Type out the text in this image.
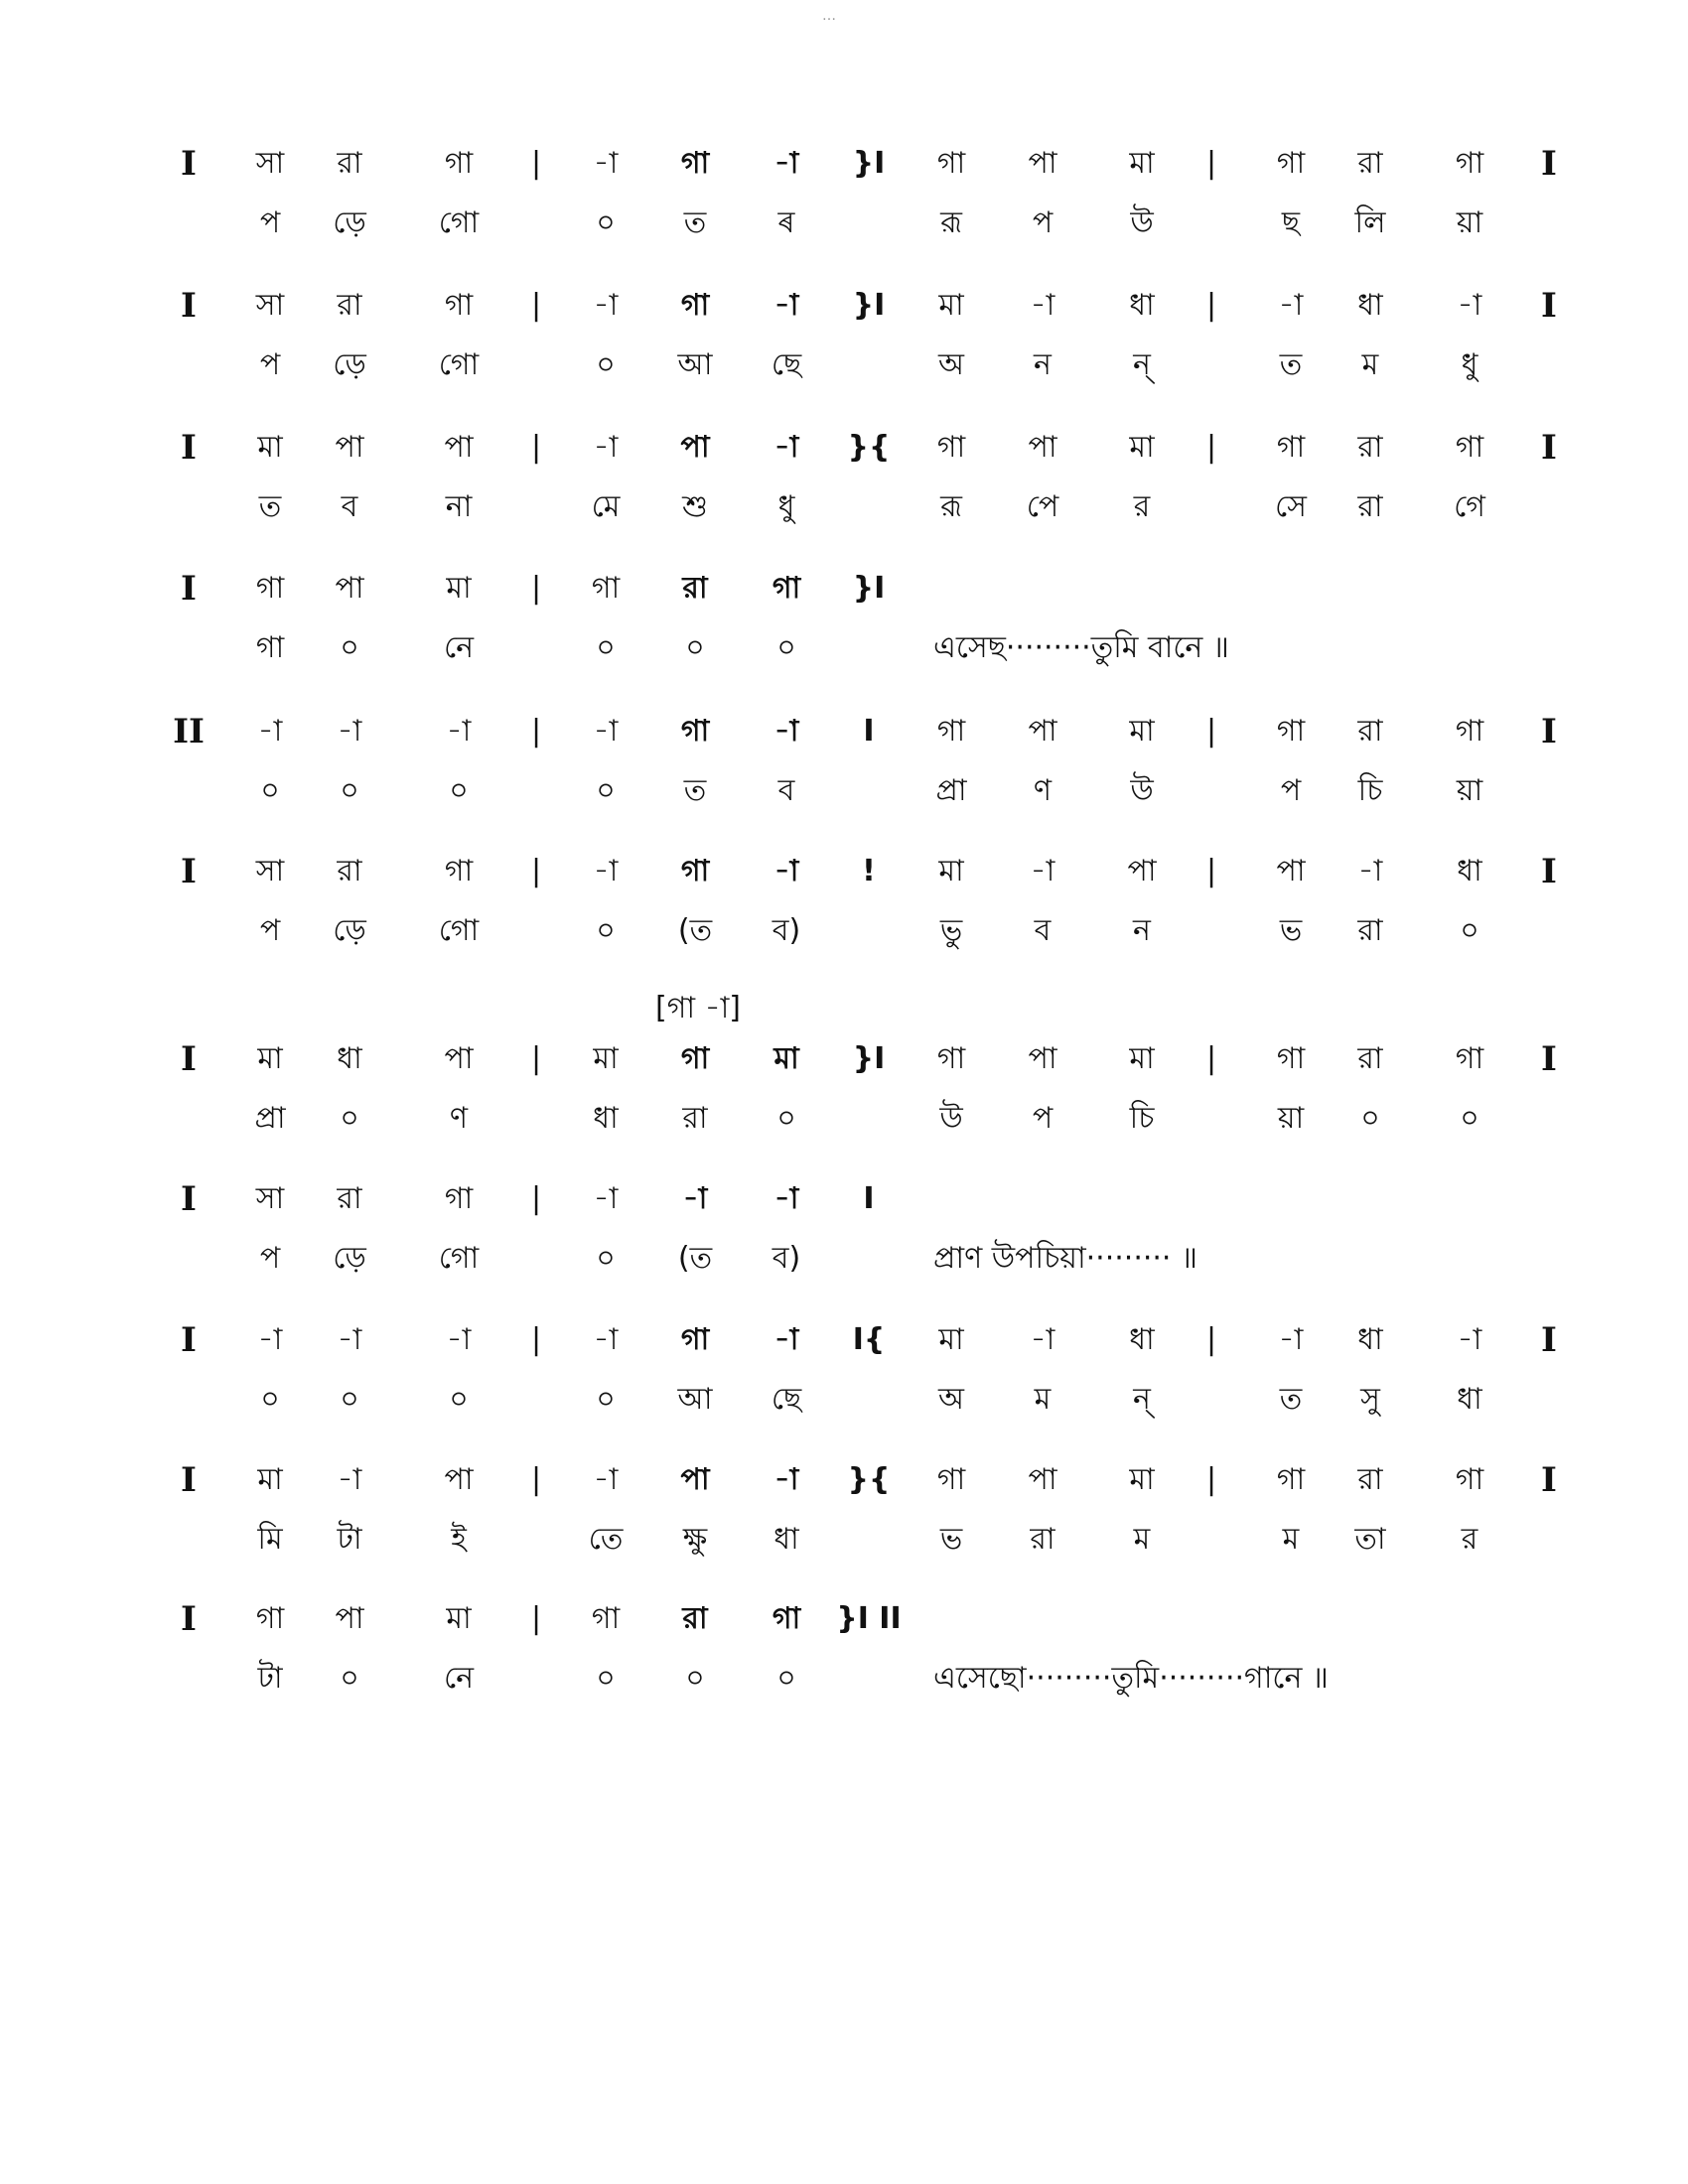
…
I	সা	রা	গা	|	-া	গা	-া	}I	গা	পা	মা	|	গা	রা	গা	I
প	ড়ে	গো	০	ত	ৰ	রূ	প	উ	ছ	লি	য়া
I	সা	রা	গা	|	-া	গা	-া	}I	মা	-া	ধা	|	-া	ধা	-া	I
প	ড়ে	গো	০	আ	ছে	অ	ন	ন্	ত	ম	ধু
I	মা	পা	পা	|	-া	পা	-া	}{	গা	পা	মা	|	গা	রা	গা	I
ত	ব	না	মে	শু	ধু	রূ	পে	র	সে	রা	গে
I	গা	পা	মা	|	গা	রা	গা	}I
গা	০	নে	০	০	০	এসেছ·········তুমি বানে ॥
II	-া	-া	-া	|	-া	গা	-া	I	গা	পা	মা	|	গা	রা	গা	I
০	০	০	০	ত	ব	প্রা	ণ	উ	প	চি	য়া
I	সা	রা	গা	|	-া	গা	-া	!	মা	-া	পা	|	পা	-া	ধা	I
প	ড়ে	গো	০	(ত	ব)	ভু	ব	ন	ভ	রা	০
[গা -া]
I	মা	ধা	পা	|	মা	গা	মা	}I	গা	পা	মা	|	গা	রা	গা	I
প্রা	০	ণ	ধা	রা	০	উ	প	চি	য়া	০	০
I	সা	রা	গা	|	-া	-া	-া	I
প	ড়ে	গো	০	(ত	ব)	প্রাণ উপচিয়া········· ॥
I	-া	-া	-া	|	-া	গা	-া	I{	মা	-া	ধা	|	-া	ধা	-া	I
০	০	০	০	আ	ছে	অ	ম	ন্	ত	সু	ধা
I	মা	-া	পা	|	-া	পা	-া	}{	গা	পা	মা	|	গা	রা	গা	I
মি	টা	ই	তে	ক্ষু	ধা	ভ	রা	ম	ম	তা	র
I	গা	পা	মা	|	গা	রা	গা	}I II
টা	০	নে	০	০	০	এসেছো·········তুমি·········গানে ॥
